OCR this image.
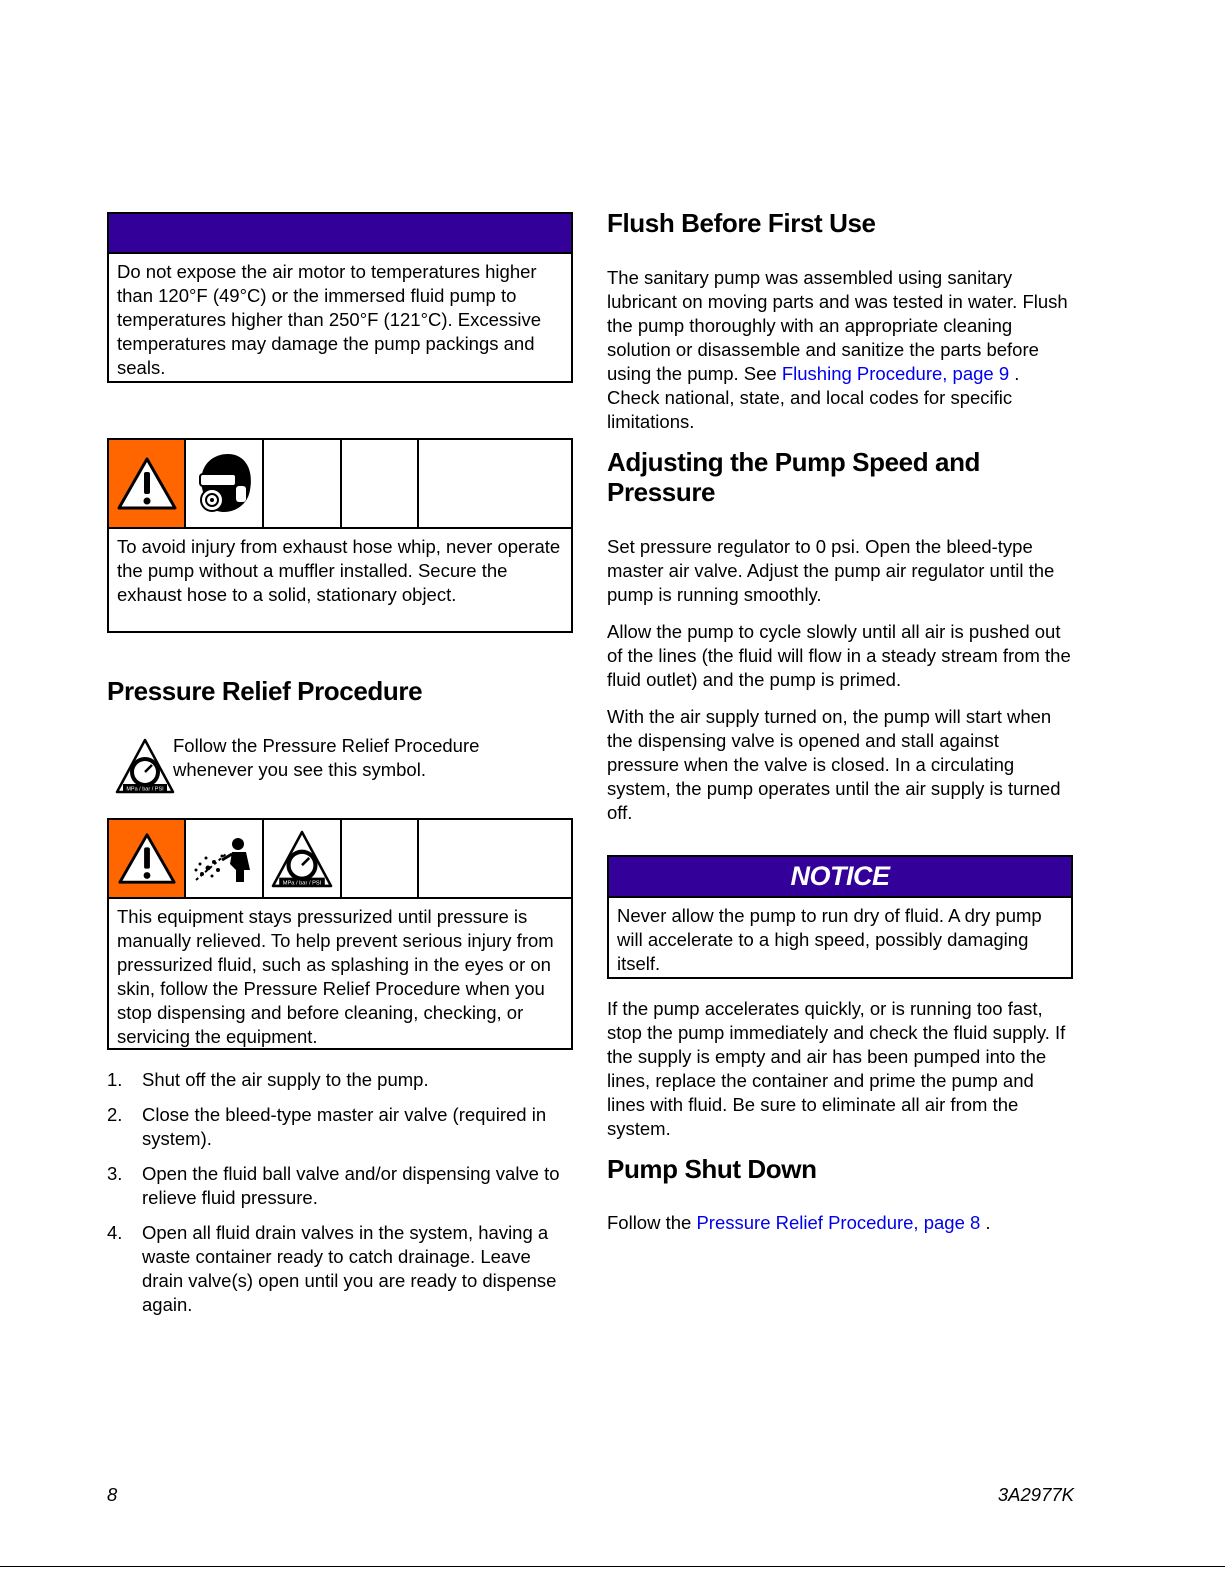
Do not expose the air motor to temperatures higher than 120°F (49°C) or the immersed fluid pump to temperatures higher than 250°F (121°C). Excessive temperatures may damage the pump packings and seals.
To avoid injury from exhaust hose whip, never operate the pump without a muffler installed. Secure the exhaust hose to a solid, stationary object.
Pressure Relief Procedure
MPa / bar / PSI
Follow the Pressure Relief Procedure whenever you see this symbol.
MPa / bar / PSI
This equipment stays pressurized until pressure is manually relieved. To help prevent serious injury from pressurized fluid, such as splashing in the eyes or on skin, follow the Pressure Relief Procedure when you stop dispensing and before cleaning, checking, or servicing the equipment.
1. Shut off the air supply to the pump.
2. Close the bleed-type master air valve (required in system).
3. Open the fluid ball valve and/or dispensing valve to relieve fluid pressure.
4. Open all fluid drain valves in the system, having a waste container ready to catch drainage. Leave drain valve(s) open until you are ready to dispense again.
Flush Before First Use

The sanitary pump was assembled using sanitary lubricant on moving parts and was tested in water. Flush the pump thoroughly with an appropriate cleaning solution or disassemble and sanitize the parts before using the pump. See Flushing Procedure, page 9 . Check national, state, and local codes for specific limitations.

Adjusting the Pump Speed and Pressure

Set pressure regulator to 0 psi. Open the bleed-type master air valve. Adjust the pump air regulator until the pump is running smoothly.

Allow the pump to cycle slowly until all air is pushed out of the lines (the fluid will flow in a steady stream from the fluid outlet) and the pump is primed.

With the air supply turned on, the pump will start when the dispensing valve is opened and stall against pressure when the valve is closed. In a circulating system, the pump operates until the air supply is turned off.

NOTICE
Never allow the pump to run dry of fluid. A dry pump will accelerate to a high speed, possibly damaging itself.

If the pump accelerates quickly, or is running too fast, stop the pump immediately and check the fluid supply. If the supply is empty and air has been pumped into the lines, replace the container and prime the pump and lines with fluid. Be sure to eliminate all air from the system.

Pump Shut Down

Follow the Pressure Relief Procedure, page 8 .

8	3A2977K
